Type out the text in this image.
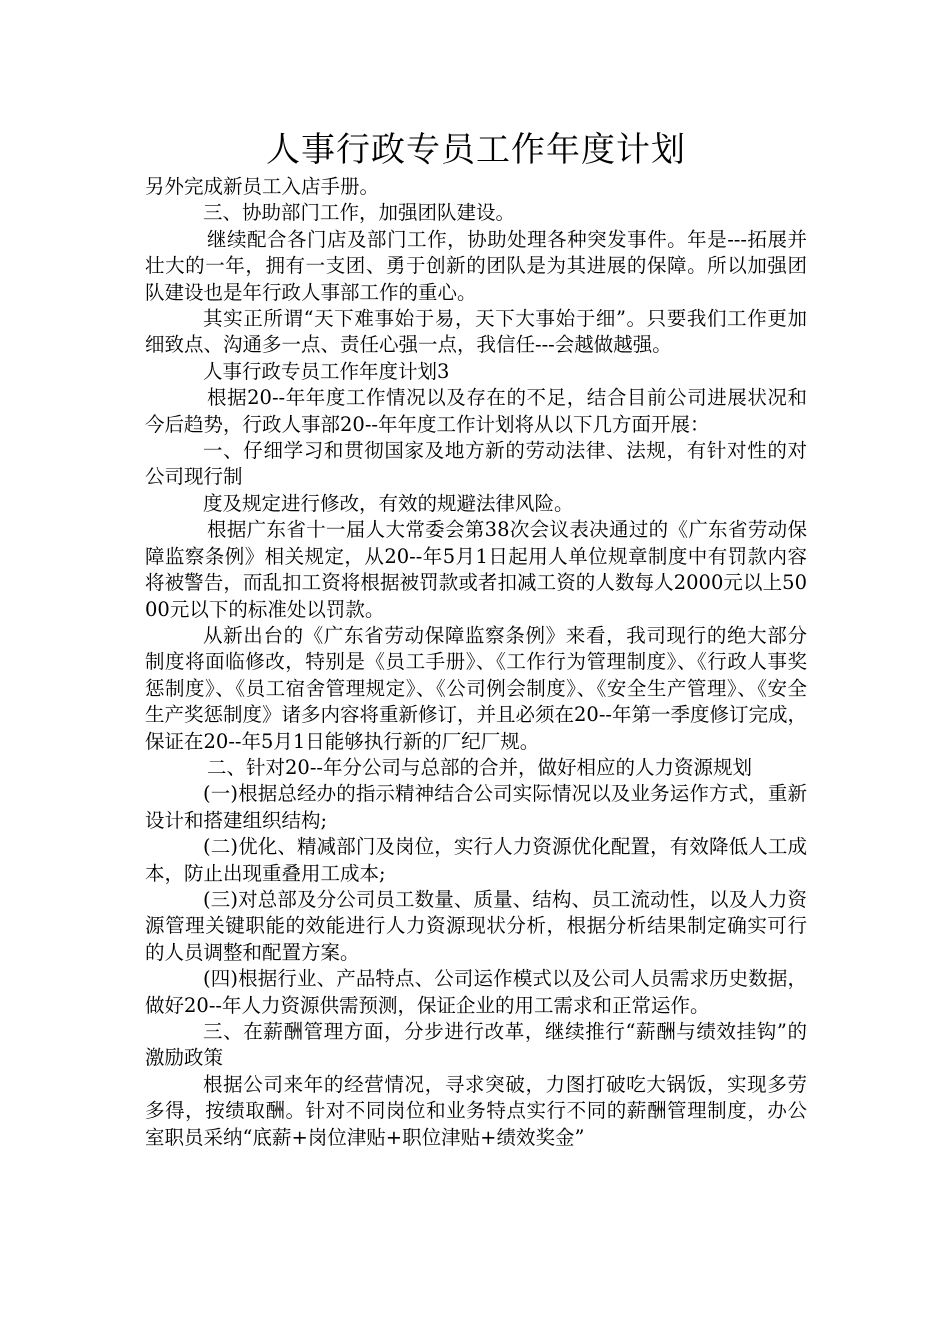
人事行政专员工作年度计划

另外完成新员工入店手册。

三、协助部门工作，加强团队建设。

继续配合各门店及部门工作，协助处理各种突发事件。年是---拓展并壮大的一年，拥有一支团、勇于创新的团队是为其进展的保障。所以加强团队建设也是年行政人事部工作的重心。

其实正所谓“天下难事始于易，天下大事始于细”。只要我们工作更加细致点、沟通多一点、责任心强一点，我信任---会越做越强。

人事行政专员工作年度计划3

根据20--年年度工作情况以及存在的不足，结合目前公司进展状况和今后趋势，行政人事部20--年年度工作计划将从以下几方面开展：

一、仔细学习和贯彻国家及地方新的劳动法律、法规，有针对性的对公司现行制

度及规定进行修改，有效的规避法律风险。

根据广东省十一届人大常委会第38次会议表决通过的《广东省劳动保障监察条例》相关规定，从20--年5月1日起用人单位规章制度中有罚款内容将被警告，而乱扣工资将根据被罚款或者扣减工资的人数每人2000元以上5000元以下的标准处以罚款。

从新出台的《广东省劳动保障监察条例》来看，我司现行的绝大部分制度将面临修改，特别是《员工手册》、《工作行为管理制度》、《行政人事奖惩制度》、《员工宿舍管理规定》、《公司例会制度》、《安全生产管理》、《安全生产奖惩制度》诸多内容将重新修订，并且必须在20--年第一季度修订完成，保证在20--年5月1日能够执行新的厂纪厂规。

二、针对20--年分公司与总部的合并，做好相应的人力资源规划

(一)根据总经办的指示精神结合公司实际情况以及业务运作方式，重新设计和搭建组织结构;

(二)优化、精减部门及岗位，实行人力资源优化配置，有效降低人工成本，防止出现重叠用工成本;

(三)对总部及分公司员工数量、质量、结构、员工流动性，以及人力资源管理关键职能的效能进行人力资源现状分析，根据分析结果制定确实可行的人员调整和配置方案。

(四)根据行业、产品特点、公司运作模式以及公司人员需求历史数据，做好20--年人力资源供需预测，保证企业的用工需求和正常运作。

三、在薪酬管理方面，分步进行改革，继续推行“薪酬与绩效挂钩”的激励政策

根据公司来年的经营情况，寻求突破，力图打破吃大锅饭，实现多劳多得，按绩取酬。针对不同岗位和业务特点实行不同的薪酬管理制度，办公室职员采纳“底薪+岗位津贴+职位津贴+绩效奖金”
